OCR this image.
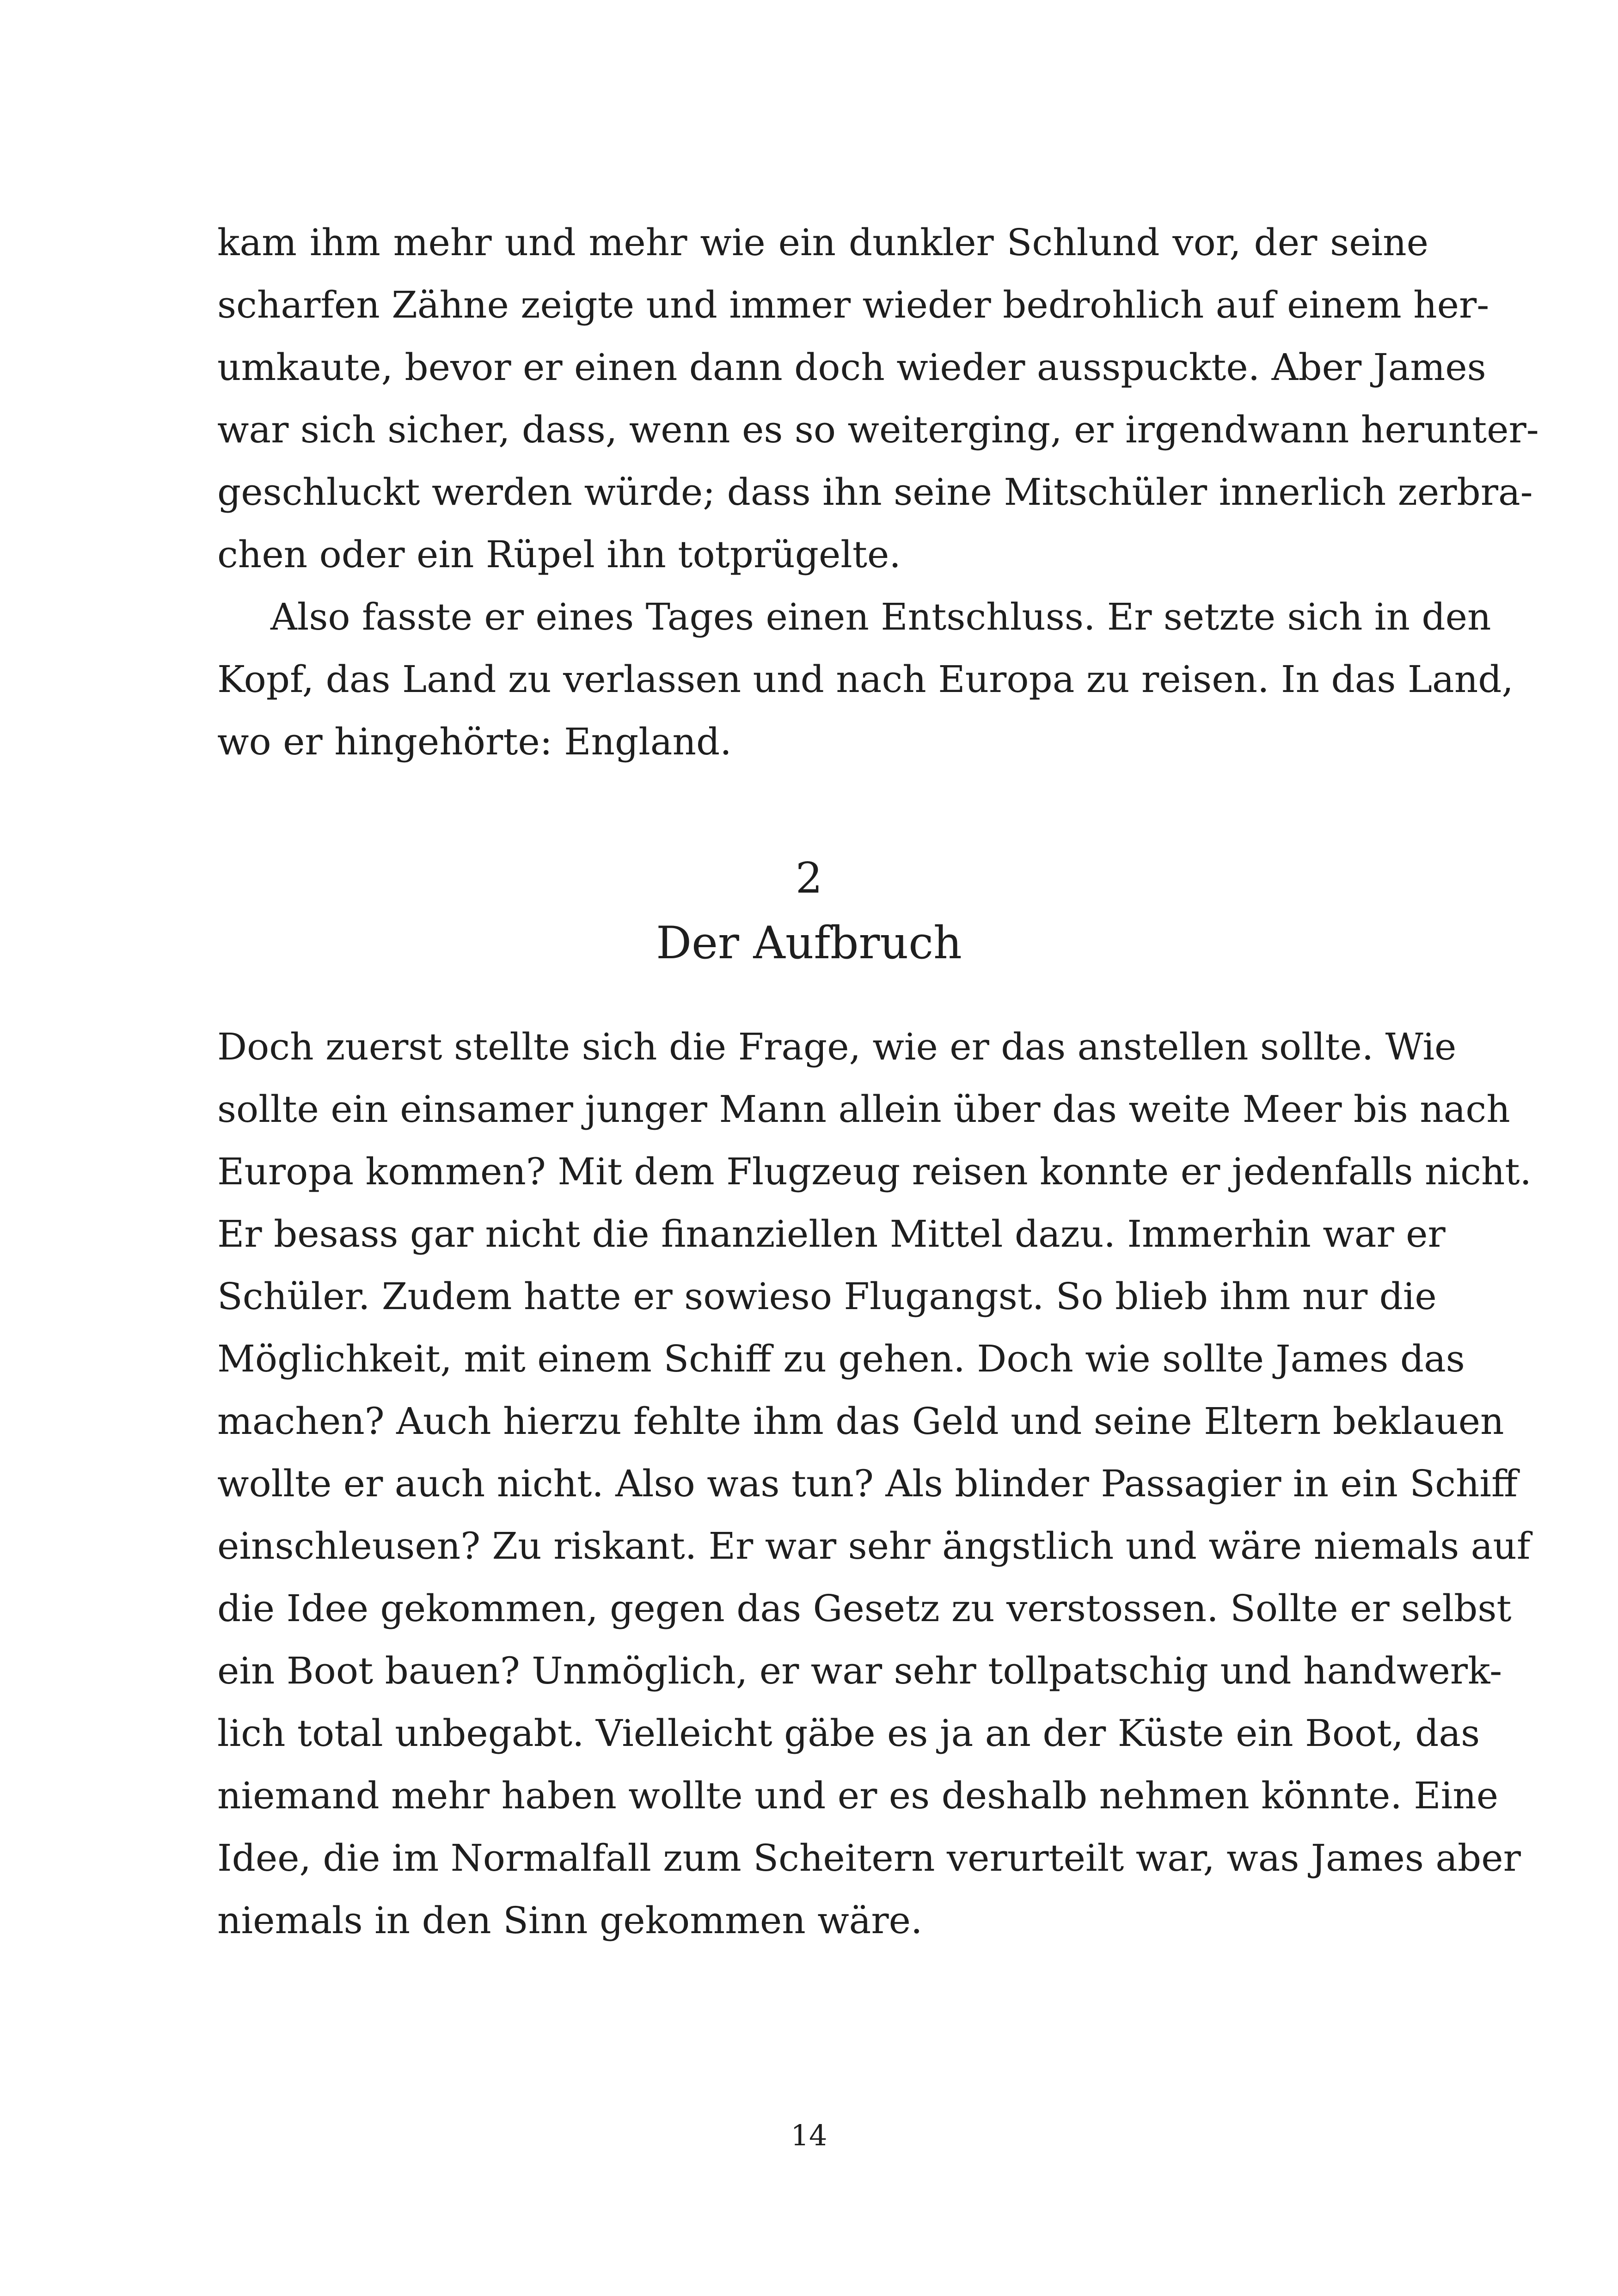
kam ihm mehr und mehr wie ein dunkler Schlund vor, der seine
scharfen Zähne zeigte und immer wieder bedrohlich auf einem her-
umkaute, bevor er einen dann doch wieder ausspuckte. Aber James
war sich sicher, dass, wenn es so weiterging, er irgendwann herunter-
geschluckt werden würde; dass ihn seine Mitschüler innerlich zerbra-
chen oder ein Rüpel ihn totprügelte.
Also fasste er eines Tages einen Entschluss. Er setzte sich in den
Kopf, das Land zu verlassen und nach Europa zu reisen. In das Land,
wo er hingehörte: England.
2
Der Aufbruch
Doch zuerst stellte sich die Frage, wie er das anstellen sollte. Wie
sollte ein einsamer junger Mann allein über das weite Meer bis nach
Europa kommen? Mit dem Flugzeug reisen konnte er jedenfalls nicht.
Er besass gar nicht die finanziellen Mittel dazu. Immerhin war er
Schüler. Zudem hatte er sowieso Flugangst. So blieb ihm nur die
Möglichkeit, mit einem Schiff zu gehen. Doch wie sollte James das
machen? Auch hierzu fehlte ihm das Geld und seine Eltern beklauen
wollte er auch nicht. Also was tun? Als blinder Passagier in ein Schiff
einschleusen? Zu riskant. Er war sehr ängstlich und wäre niemals auf
die Idee gekommen, gegen das Gesetz zu verstossen. Sollte er selbst
ein Boot bauen? Unmöglich, er war sehr tollpatschig und handwerk-
lich total unbegabt. Vielleicht gäbe es ja an der Küste ein Boot, das
niemand mehr haben wollte und er es deshalb nehmen könnte. Eine
Idee, die im Normalfall zum Scheitern verurteilt war, was James aber
niemals in den Sinn gekommen wäre.
14
